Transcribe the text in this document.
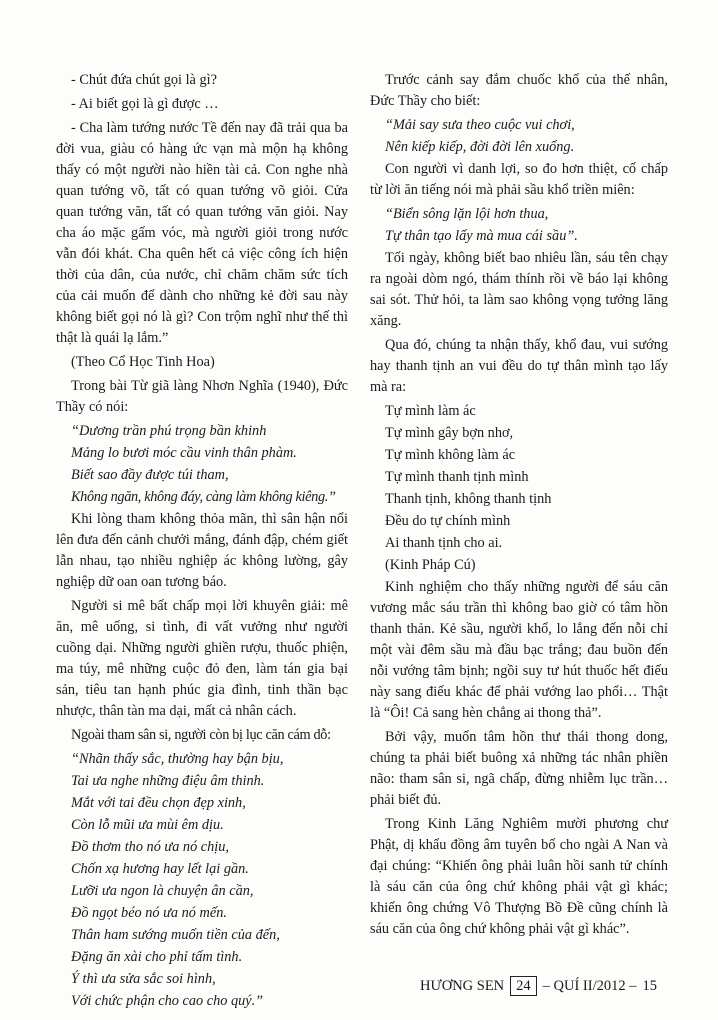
- Chút đứa chút gọi là gì?

- Ai biết gọi là gì được …

- Cha làm tướng nước Tề đến nay đã trải qua ba đời vua, giàu có hàng ức vạn mà mộn hạ không thấy có một người nào hiền tài cả. Con nghe nhà quan tướng võ, tất có quan tướng võ giỏi. Cửa quan tướng văn, tất có quan tướng văn giỏi. Nay cha áo mặc gấm vóc, mà người giỏi trong nước vẫn đói khát. Cha quên hết cả việc công ích hiện thời của dân, của nước, chỉ chăm chăm sức tích của cải muốn để dành cho những kẻ đời sau này không biết gọi nó là gì? Con trộm nghĩ như thế thì thật là quái lạ lắm.”

(Theo Cổ Học Tinh Hoa)

Trong bài Từ giã làng Nhơn Nghĩa (1940), Đức Thầy có nói:

“Dương trần phú trọng bần khinh

Mảng lo bươi móc cầu vinh thân phàm.

Biết sao đầy được túi tham,

Không ngăn, không đáy, càng làm không kiêng.”

Khi lòng tham không thỏa mãn, thì sân hận nổi lên đưa đến cảnh chưởi mắng, đánh đập, chém giết lẫn nhau, tạo nhiều nghiệp ác không lường, gây nghiệp dữ oan oan tương báo.

Người si mê bất chấp mọi lời khuyên giải: mê ăn, mê uống, si tình, đi vất vưởng như người cuồng dại. Những người ghiền rượu, thuốc phiện, ma túy, mê những cuộc đỏ đen, làm tán gia bại sản, tiêu tan hạnh phúc gia đình, tinh thần bạc nhược, thân tàn ma dại, mất cả nhân cách.

Ngoài tham sân si, người còn bị lục căn cám dỗ:

“Nhãn thấy sắc, thường hay bận bịu,

Tai ưa nghe những điệu âm thinh.

Mắt với tai đều chọn đẹp xinh,

Còn lỗ mũi ưa mùi êm dịu.

Đồ thơm tho nó ưa nó chịu,

Chốn xạ hương hay lết lại gần.

Lưỡi ưa ngon là chuyện ân cần,

Đồ ngọt béo nó ưa nó mến.

Thân ham sướng muốn tiền của đến,

Đặng ăn xài cho phỉ tấm tình.

Ý thì ưa sửa sắc soi hình,

Với chức phận cho cao cho quý.”

Trước cảnh say đắm chuốc khổ của thế nhân, Đức Thầy cho biết:

“Mải say sưa theo cuộc vui chơi,

Nên kiếp kiếp, đời đời lên xuống.

Con người vì danh lợi, so đo hơn thiệt, cố chấp từ lời ăn tiếng nói mà phải sầu khổ triền miên:

“Biển sông lặn lội hơn thua,

Tự thân tạo lấy mà mua cái sầu”.

Tối ngày, không biết bao nhiêu lần, sáu tên chạy ra ngoài dòm ngó, thám thính rồi về báo lại không sai sót. Thử hỏi, ta làm sao không vọng tưởng lăng xăng.

Qua đó, chúng ta nhận thấy, khổ đau, vui sướng hay thanh tịnh an vui đều do tự thân mình tạo lấy mà ra:

Tự mình làm ác

Tự mình gây bợn nhơ,

Tự mình không làm ác

Tự mình thanh tịnh mình

Thanh tịnh, không thanh tịnh

Đều do tự chính mình

Ai thanh tịnh cho ai.

(Kinh Pháp Cú)

Kinh nghiệm cho thấy những người để sáu căn vương mắc sáu trần thì không bao giờ có tâm hồn thanh thản. Kẻ sầu, người khổ, lo lắng đến nỗi chỉ một vài đêm sầu mà đầu bạc trắng; đau buồn đến nỗi vướng tâm bịnh; ngồi suy tư hút thuốc hết điếu này sang điếu khác để phải vướng lao phổi… Thật là “Ôi! Cả sang hèn chẳng ai thong thả”.

Bởi vậy, muốn tâm hồn thư thái thong dong, chúng ta phải biết buông xả những tác nhân phiền não: tham sân si, ngã chấp, đừng nhiễm lục trần… phải biết đủ.

Trong Kinh Lăng Nghiêm mười phương chư Phật, dị khẩu đồng âm tuyên bố cho ngài A Nan và đại chúng: “Khiến ông phải luân hồi sanh tử chính là sáu căn của ông chứ không phải vật gì khác; khiến ông chứng Vô Thượng Bồ Đề cũng chính là sáu căn của ông chứ không phải vật gì khác”.

HƯƠNG SEN 24 – QUÍ II/2012 – 15
